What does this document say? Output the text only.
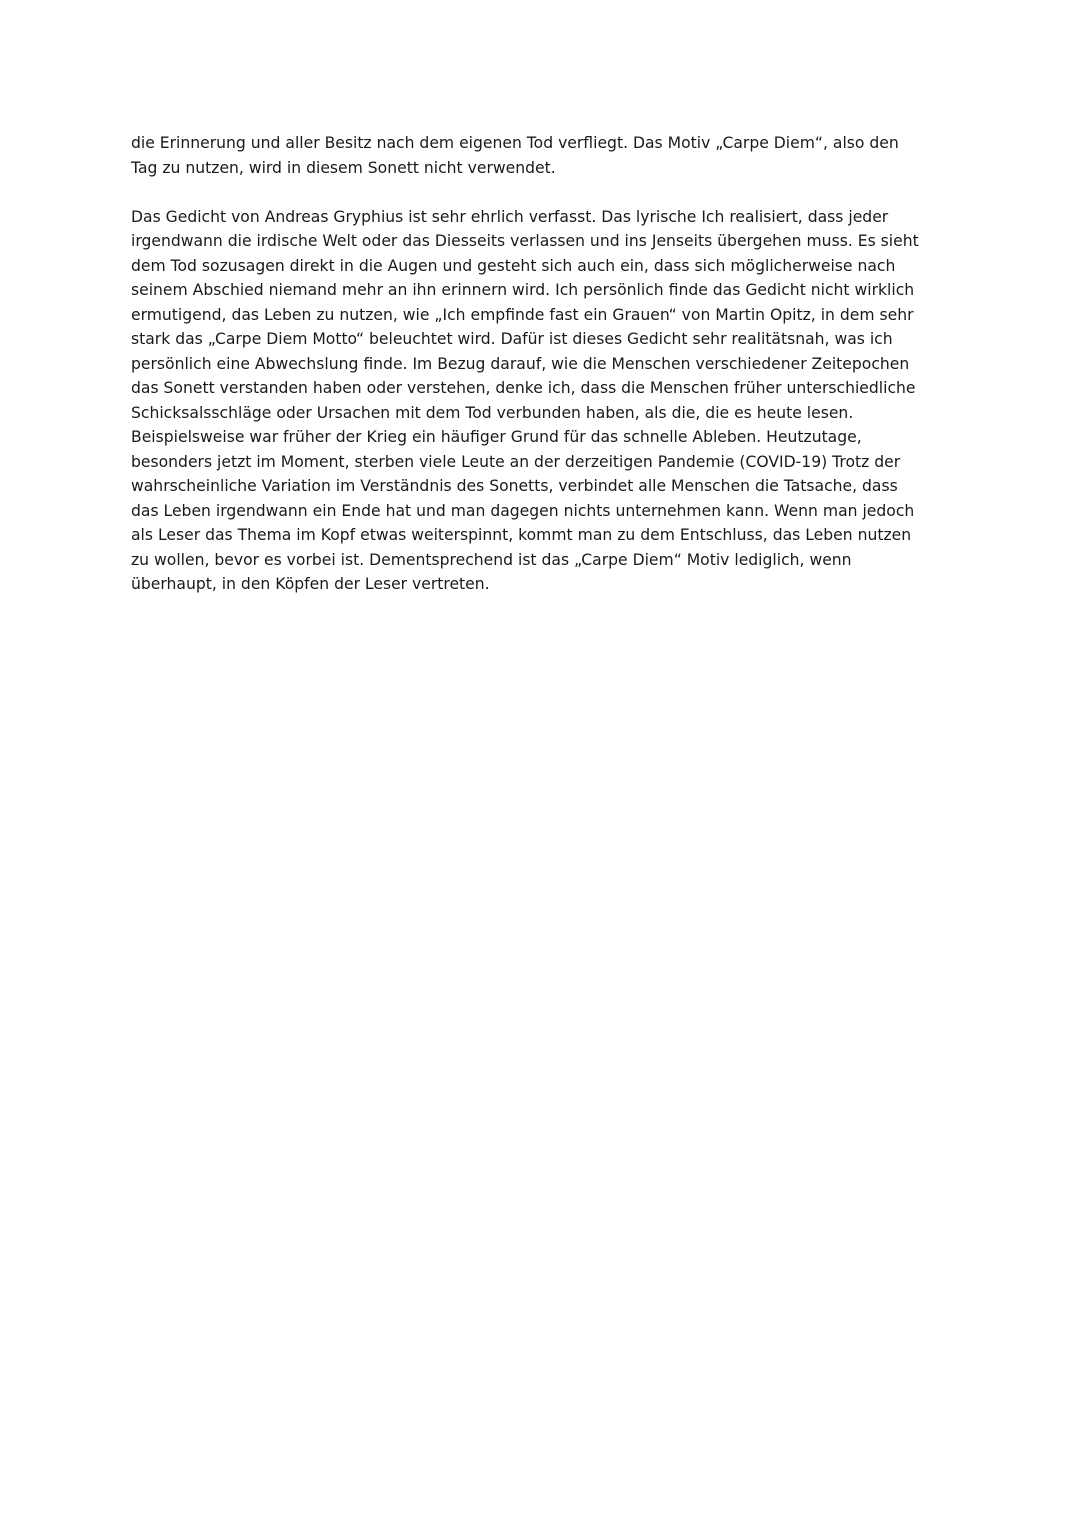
die Erinnerung und aller Besitz nach dem eigenen Tod verfliegt. Das Motiv „Carpe Diem“, also den
Tag zu nutzen, wird in diesem Sonett nicht verwendet.
Das Gedicht von Andreas Gryphius ist sehr ehrlich verfasst. Das lyrische Ich realisiert, dass jeder
irgendwann die irdische Welt oder das Diesseits verlassen und ins Jenseits übergehen muss. Es sieht
dem Tod sozusagen direkt in die Augen und gesteht sich auch ein, dass sich möglicherweise nach
seinem Abschied niemand mehr an ihn erinnern wird. Ich persönlich finde das Gedicht nicht wirklich
ermutigend, das Leben zu nutzen, wie „Ich empfinde fast ein Grauen“ von Martin Opitz, in dem sehr
stark das „Carpe Diem Motto“ beleuchtet wird. Dafür ist dieses Gedicht sehr realitätsnah, was ich
persönlich eine Abwechslung finde. Im Bezug darauf, wie die Menschen verschiedener Zeitepochen
das Sonett verstanden haben oder verstehen, denke ich, dass die Menschen früher unterschiedliche
Schicksalsschläge oder Ursachen mit dem Tod verbunden haben, als die, die es heute lesen.
Beispielsweise war früher der Krieg ein häufiger Grund für das schnelle Ableben. Heutzutage,
besonders jetzt im Moment, sterben viele Leute an der derzeitigen Pandemie (COVID-19) Trotz der
wahrscheinliche Variation im Verständnis des Sonetts, verbindet alle Menschen die Tatsache, dass
das Leben irgendwann ein Ende hat und man dagegen nichts unternehmen kann. Wenn man jedoch
als Leser das Thema im Kopf etwas weiterspinnt, kommt man zu dem Entschluss, das Leben nutzen
zu wollen, bevor es vorbei ist. Dementsprechend ist das „Carpe Diem“ Motiv lediglich, wenn
überhaupt, in den Köpfen der Leser vertreten.
